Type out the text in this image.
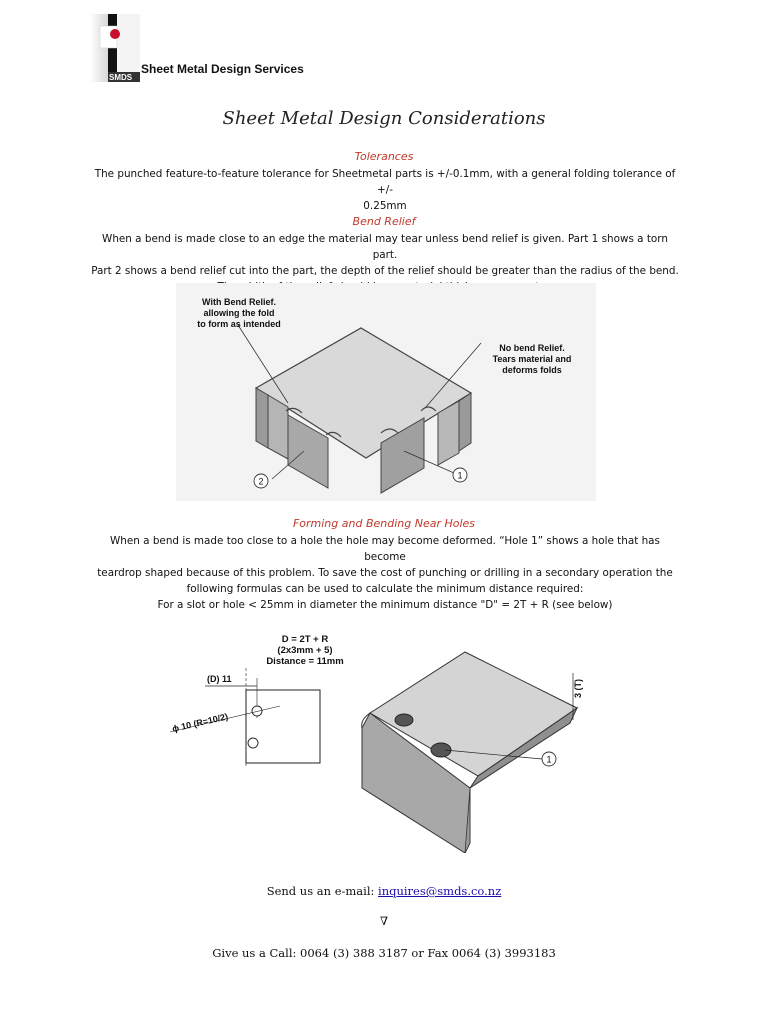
SMDS
Sheet Metal Design Services
Sheet Metal Design Considerations
Tolerances

The punched feature-to-feature tolerance for Sheetmetal parts is +/-0.1mm, with a general folding tolerance of +/-

0.25mm

Bend Relief

When a bend is made close to an edge the material may tear unless bend relief is given. Part 1 shows a torn part.

Part 2 shows a bend relief cut into the part, the depth of the relief should be greater than the radius of the bend.

With Bend Relief.
allowing the fold
to form as intended
No bend Relief.
Tears material and
deforms folds
2
1
Forming and Bending Near Holes

When a bend is made too close to a hole the hole may become deformed. “Hole 1” shows a hole that has become

teardrop shaped because of this problem. To save the cost of punching or drilling in a secondary operation the

following formulas can be used to calculate the minimum distance required:

For a slot or hole < 25mm in diameter the minimum distance "D" = 2T + R (see below)

D = 2T + R
(2x3mm + 5)
Distance = 11mm
(D) 11
ϕ 10 (R=10/2)
3 (T)
1
Send us an e-mail: inquires@smds.co.nz
∇
Give us a Call: 0064 (3) 388 3187 or Fax 0064 (3) 3993183
